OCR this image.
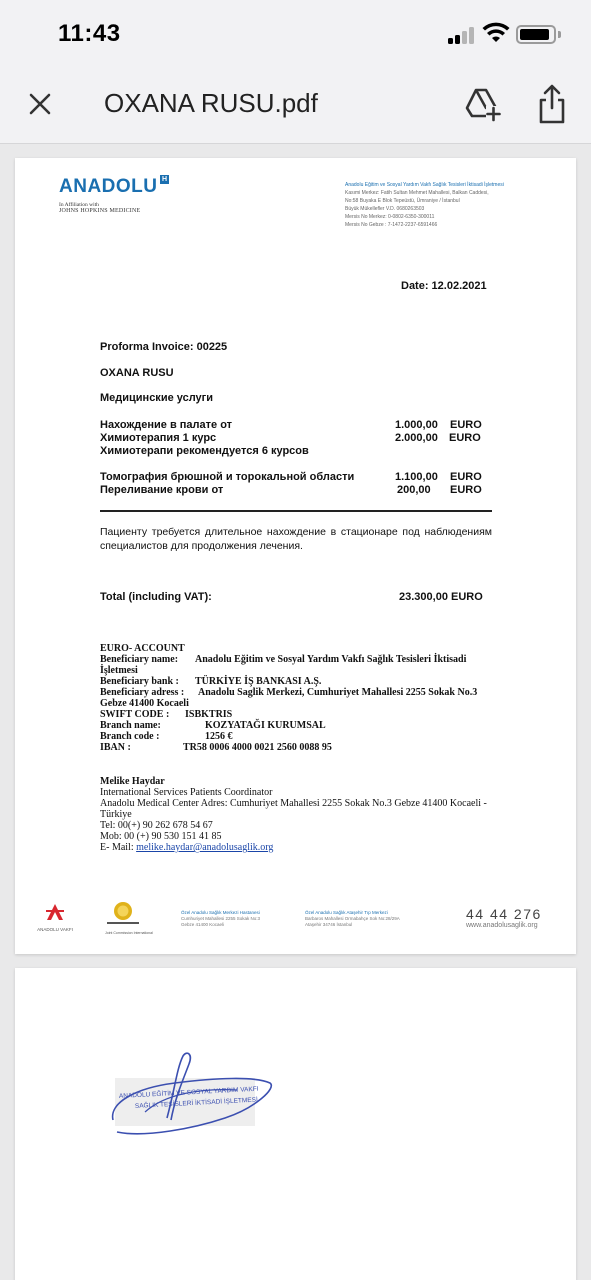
11:43
OXANA RUSU.pdf
ANADOLU H
In Affiliation with
JOHNS HOPKINS MEDICINE
Anadolu Eğitim ve Sosyal Yardım Vakfı Sağlık Tesisleri İktisadi İşletmesi
Kasımi Merkez: Fatih Sultan Mehmet Mahallesi, Balkan Caddesi,
No:58 Buyaka E Blok Tepeüstü, Ümraniye / İstanbul
Büyük Mükellefler V.D. 0680263503
Mersis No Merkez: 0-0802-6350-300011
Mersis No Gebze : 7-1472-2237-6591466
Date: 12.02.2021
Proforma Invoice: 00225
OXANA RUSU
Медицинские услуги
Нахождение в палате от	1.000,00 EURO
Химиотерапия 1 курс	2.000,00 EURO
Химиотерапи рекомендуется 6 курсов
Томография брюшной и торокальной области	1.100,00 EURO
Переливание крови от	200,00 EURO
Пациенту требуется длительное нахождение в стационаре под наблюдениям специалистов для продолжения лечения.
Total (including VAT):	23.300,00 EURO
EURO- ACCOUNT
Beneficiary name: Anadolu Eğitim ve Sosyal Yardım Vakfı Sağlık Tesisleri İktisadi
İşletmesi
Beneficiary bank : TÜRKİYE İŞ BANKASI A.Ş.
Beneficiary adress : Anadolu Saglik Merkezi, Cumhuriyet Mahallesi 2255 Sokak No.3
Gebze 41400 Kocaeli
SWIFT CODE : ISBKTRIS
Branch name:	KOZYATAĞI KURUMSAL
Branch code :	1256 €
IBAN :	TR58 0006 4000 0021 2560 0088 95
Melike Haydar
International Services Patients Coordinator
Anadolu Medical Center Adres: Cumhuriyet Mahallesi 2255 Sokak No.3 Gebze 41400 Kocaeli -
Türkiye
Tel: 00(+) 90 262 678 54 67
Mob: 00 (+) 90 530 151 41 85
E- Mail: melike.haydar@anadolusaglik.org
ANADOLU VAKFI
Joint Commission International
Özel Anadolu Sağlık Merkezi Hastanesi
Cumhuriyet Mahallesi 2255 Sokak No:3
Gebze 41400 Kocaeli
Özel Anadolu Sağlık Ataşehir Tıp Merkezi
Barbaros Mahallesi Ormabahçe Sok No:28/29A
Ataşehir 34746 İstanbul
44 44 276
www.anadolusaglik.org
ANADOLU EĞİTİM VE SOSYAL YARDIM VAKFI
SAĞLIK TESİSLERİ İKTİSADİ İŞLETMESİ
